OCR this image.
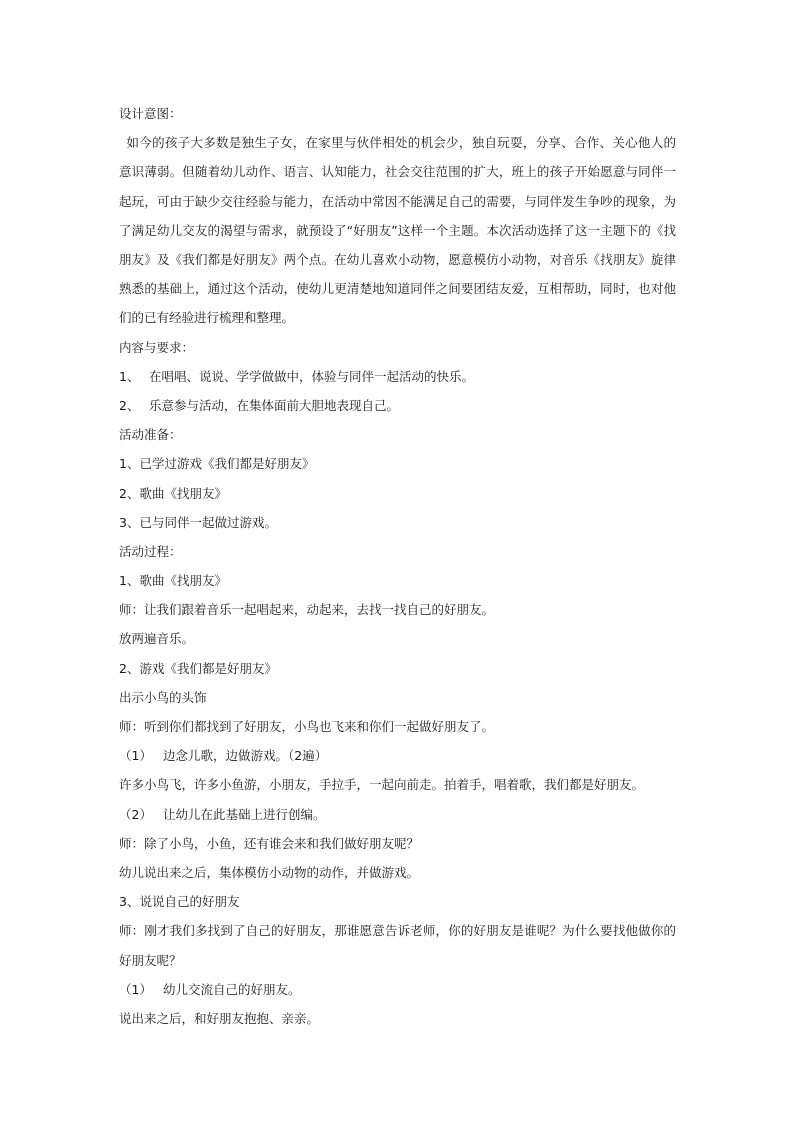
设计意图：

如今的孩子大多数是独生子女，在家里与伙伴相处的机会少，独自玩耍，分享、合作、关心他人的意识薄弱。但随着幼儿动作、语言、认知能力，社会交往范围的扩大，班上的孩子开始愿意与同伴一起玩，可由于缺少交往经验与能力，在活动中常因不能满足自己的需要，与同伴发生争吵的现象，为了满足幼儿交友的渴望与需求，就预设了“好朋友”这样一个主题。本次活动选择了这一主题下的《找朋友》及《我们都是好朋友》两个点。在幼儿喜欢小动物，愿意模仿小动物，对音乐《找朋友》旋律熟悉的基础上，通过这个活动，使幼儿更清楚地知道同伴之间要团结友爱，互相帮助，同时，也对他们的已有经验进行梳理和整理。

内容与要求：
1、 在唱唱、说说、学学做做中，体验与同伴一起活动的快乐。
2、 乐意参与活动，在集体面前大胆地表现自己。
活动准备：
1、已学过游戏《我们都是好朋友》
2、歌曲《找朋友》
3、已与同伴一起做过游戏。
活动过程：
1、歌曲《找朋友》
师：让我们跟着音乐一起唱起来，动起来，去找一找自己的好朋友。
放两遍音乐。
2、游戏《我们都是好朋友》
出示小鸟的头饰
师：听到你们都找到了好朋友，小鸟也飞来和你们一起做好朋友了。
（1） 边念儿歌，边做游戏。（2遍）
许多小鸟飞，许多小鱼游，小朋友，手拉手，一起向前走。拍着手，唱着歌，我们都是好朋友。
（2） 让幼儿在此基础上进行创编。
师：除了小鸟，小鱼，还有谁会来和我们做好朋友呢？
幼儿说出来之后，集体模仿小动物的动作，并做游戏。
3、说说自己的好朋友

师：刚才我们多找到了自己的好朋友，那谁愿意告诉老师，你的好朋友是谁呢？为什么要找他做你的好朋友呢？

（1） 幼儿交流自己的好朋友。
说出来之后，和好朋友抱抱、亲亲。
